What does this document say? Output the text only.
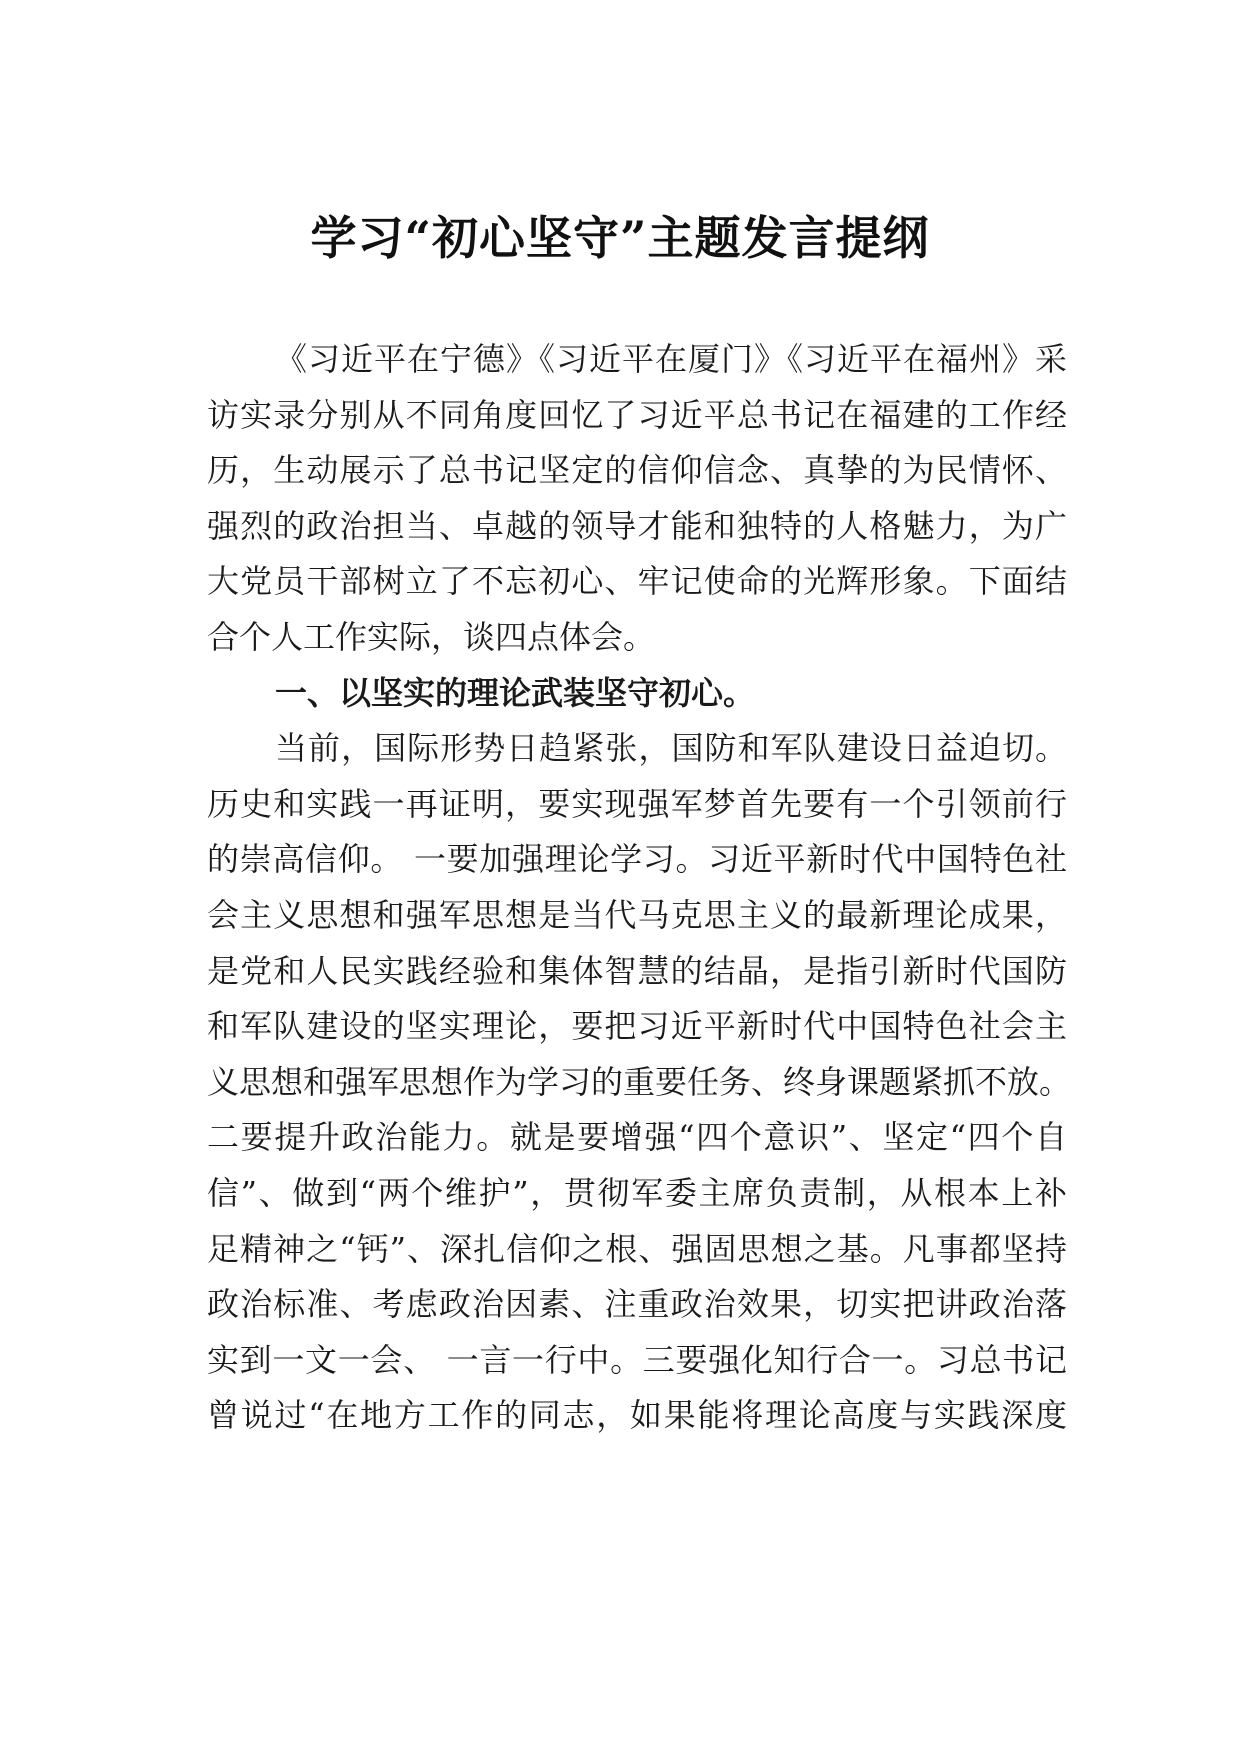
学习“初心坚守”主题发言提纲
《习近平在宁德》《习近平在厦门》《习近平在福州》采
访实录分别从不同角度回忆了习近平总书记在福建的工作经
历，生动展示了总书记坚定的信仰信念、真挚的为民情怀、
强烈的政治担当、卓越的领导才能和独特的人格魅力，为广
大党员干部树立了不忘初心、牢记使命的光辉形象。下面结
合个人工作实际，谈四点体会。
一、以坚实的理论武装坚守初心。
当前，国际形势日趋紧张，国防和军队建设日益迫切。
历史和实践一再证明，要实现强军梦首先要有一个引领前行
的崇高信仰。 一要加强理论学习。习近平新时代中国特色社
会主义思想和强军思想是当代马克思主义的最新理论成果，
是党和人民实践经验和集体智慧的结晶，是指引新时代国防
和军队建设的坚实理论，要把习近平新时代中国特色社会主
义思想和强军思想作为学习的重要任务、终身课题紧抓不放。
二要提升政治能力。就是要增强“四个意识”、坚定“四个自
信”、做到“两个维护”，贯彻军委主席负责制，从根本上补
足精神之“钙”、深扎信仰之根、强固思想之基。凡事都坚持
政治标准、考虑政治因素、注重政治效果，切实把讲政治落
实到一文一会、 一言一行中。三要强化知行合一。习总书记
曾说过“在地方工作的同志，如果能将理论高度与实践深度
